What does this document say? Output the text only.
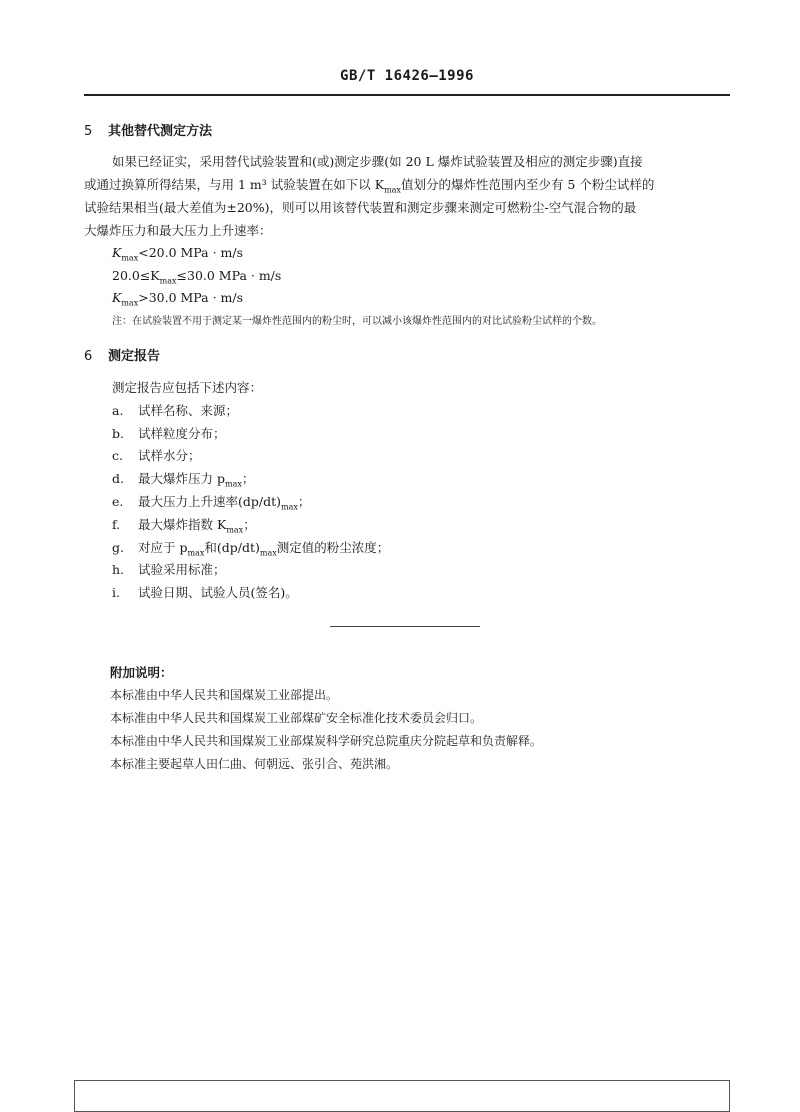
GB/T 16426—1996
5 其他替代测定方法
如果已经证实，采用替代试验装置和(或)测定步骤(如 20 L 爆炸试验装置及相应的测定步骤)直接
或通过换算所得结果，与用 1 m³ 试验装置在如下以 $K_{max}$值划分的爆炸性范围内至少有 5 个粉尘试样的
试验结果相当(最大差值为±20%)，则可以用该替代装置和测定步骤来测定可燃粉尘-空气混合物的最
大爆炸压力和最大压力上升速率：
$K_{max}<20.0$ MPa · m/s
$20.0\le K_{max}\le 30.0$ MPa · m/s
$K_{max}>30.0$ MPa · m/s
注：在试验装置不用于测定某一爆炸性范围内的粉尘时，可以减小该爆炸性范围内的对比试验粉尘试样的个数。
6 测定报告
测定报告应包括下述内容：
a. 试样名称、来源；
b. 试样粒度分布；
c. 试样水分；
d. 最大爆炸压力 $p_{max}$；
e. 最大压力上升速率$(dp/dt)_{max}$；
f. 最大爆炸指数 $K_{max}$；
g. 对应于 $p_{max}$和$(dp/dt)_{max}$测定值的粉尘浓度；
h. 试验采用标准；
i. 试验日期、试验人员(签名)。
附加说明：
本标准由中华人民共和国煤炭工业部提出。
本标准由中华人民共和国煤炭工业部煤矿安全标准化技术委员会归口。
本标准由中华人民共和国煤炭工业部煤炭科学研究总院重庆分院起草和负责解释。
本标准主要起草人田仁曲、何朝远、张引合、苑洪湘。
